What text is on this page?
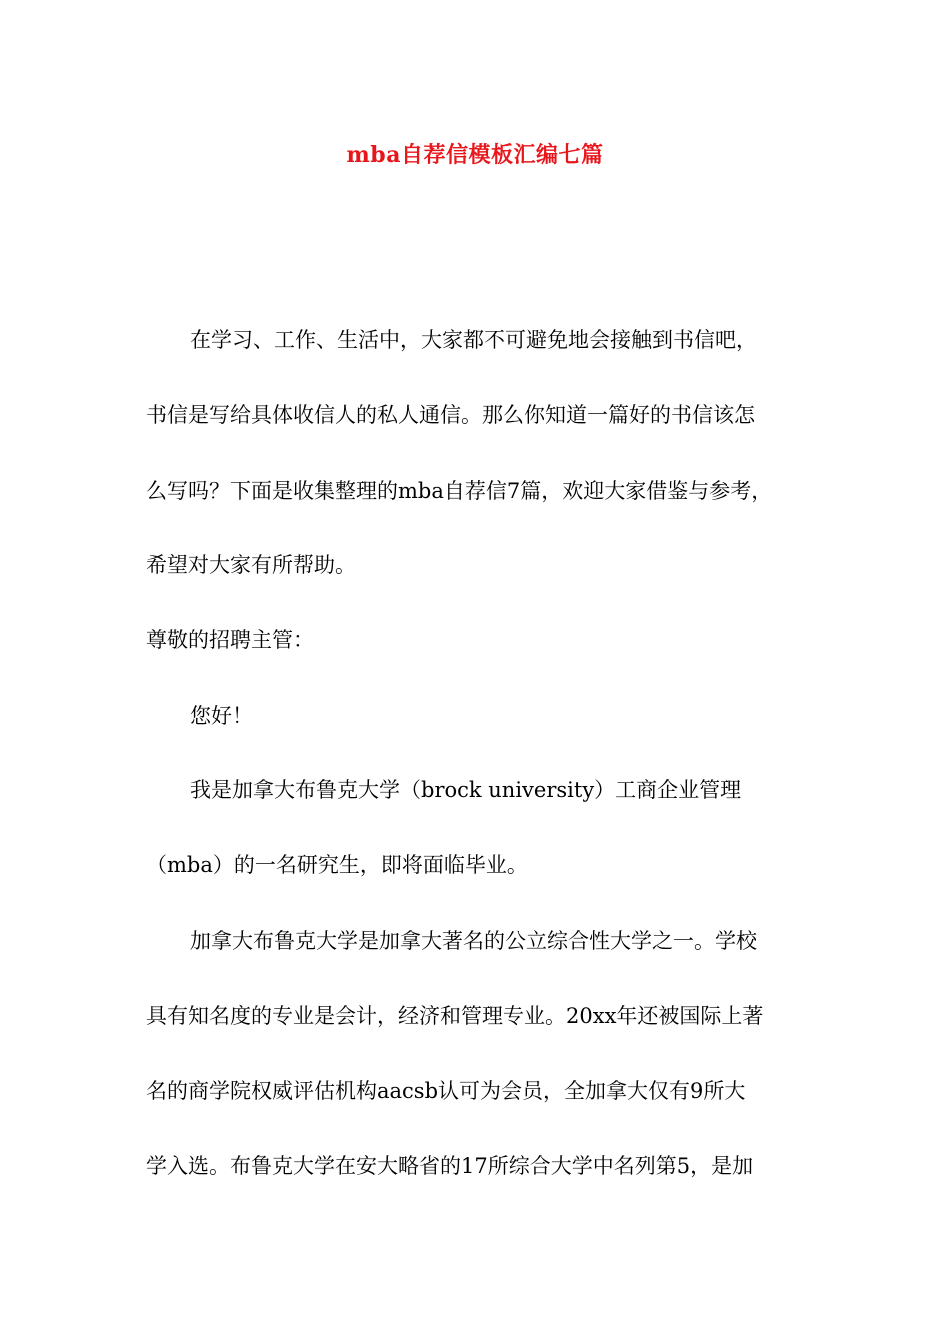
mba自荐信模板汇编七篇
在学习、工作、生活中，大家都不可避免地会接触到书信吧，
书信是写给具体收信人的私人通信。那么你知道一篇好的书信该怎
么写吗？下面是收集整理的mba自荐信7篇，欢迎大家借鉴与参考，
希望对大家有所帮助。
尊敬的招聘主管：
您好！
我是加拿大布鲁克大学（brock university）工商企业管理
（mba）的一名研究生，即将面临毕业。
加拿大布鲁克大学是加拿大著名的公立综合性大学之一。学校
具有知名度的专业是会计，经济和管理专业。20xx年还被国际上著
名的商学院权威评估机构aacsb认可为会员，全加拿大仅有9所大
学入选。布鲁克大学在安大略省的17所综合大学中名列第5，是加
